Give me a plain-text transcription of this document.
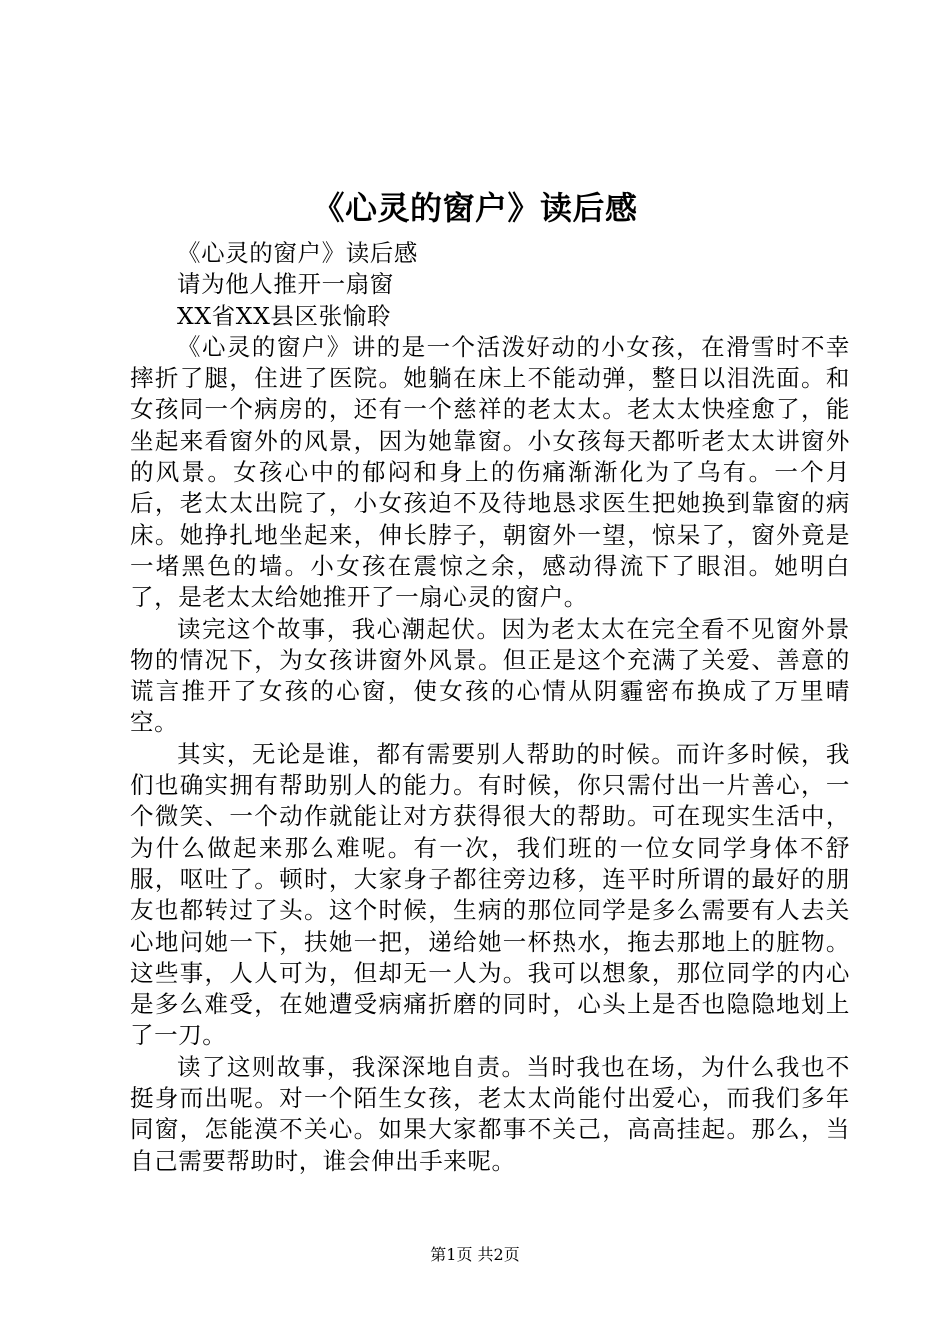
《心灵的窗户》读后感

《心灵的窗户》读后感

请为他人推开一扇窗

XX省XX县区张愉聆

《心灵的窗户》讲的是一个活泼好动的小女孩，在滑雪时不幸摔折了腿，住进了医院。她躺在床上不能动弹，整日以泪洗面。和女孩同一个病房的，还有一个慈祥的老太太。老太太快痊愈了，能坐起来看窗外的风景，因为她靠窗。小女孩每天都听老太太讲窗外的风景。女孩心中的郁闷和身上的伤痛渐渐化为了乌有。一个月后，老太太出院了，小女孩迫不及待地恳求医生把她换到靠窗的病床。她挣扎地坐起来，伸长脖子，朝窗外一望，惊呆了，窗外竟是一堵黑色的墙。小女孩在震惊之余，感动得流下了眼泪。她明白了，是老太太给她推开了一扇心灵的窗户。

读完这个故事，我心潮起伏。因为老太太在完全看不见窗外景物的情况下，为女孩讲窗外风景。但正是这个充满了关爱、善意的谎言推开了女孩的心窗，使女孩的心情从阴霾密布换成了万里晴空。

其实，无论是谁，都有需要别人帮助的时候。而许多时候，我们也确实拥有帮助别人的能力。有时候，你只需付出一片善心，一个微笑、一个动作就能让对方获得很大的帮助。可在现实生活中，为什么做起来那么难呢。有一次，我们班的一位女同学身体不舒服，呕吐了。顿时，大家身子都往旁边移，连平时所谓的最好的朋友也都转过了头。这个时候，生病的那位同学是多么需要有人去关心地问她一下，扶她一把，递给她一杯热水，拖去那地上的脏物。这些事，人人可为，但却无一人为。我可以想象，那位同学的内心是多么难受，在她遭受病痛折磨的同时，心头上是否也隐隐地划上了一刀。

读了这则故事，我深深地自责。当时我也在场，为什么我也不挺身而出呢。对一个陌生女孩，老太太尚能付出爱心，而我们多年同窗，怎能漠不关心。如果大家都事不关己，高高挂起。那么，当自己需要帮助时，谁会伸出手来呢。

第1页 共2页
